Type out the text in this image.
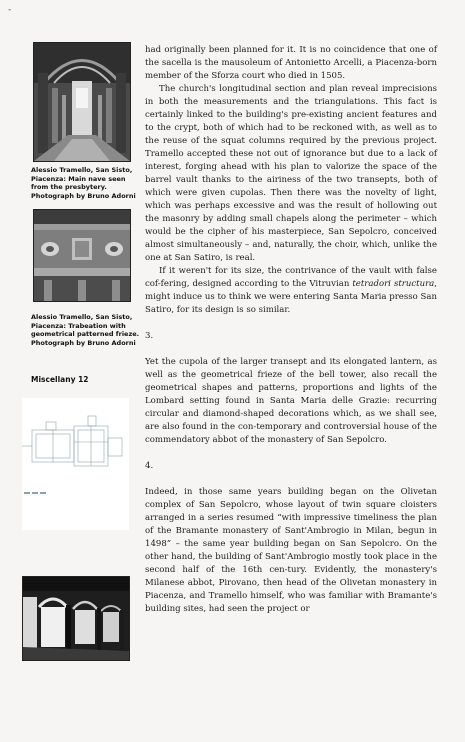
-
Alessio Tramello, San Sisto, Piacenza: Main nave seen from the presbytery.
Photograph by Bruno Adorni
Alessio Tramello, San Sisto, Piacenza: Trabeation with geometrical patterned frieze.
Photograph by Bruno Adorni
Miscellany 12

had originally been planned for it. It is no coincidence that one of the sacella is the mausoleum of Antonietto Arcelli, a Piacenza-born member of the Sforza court who died in 1505.

The church's longitudinal section and plan reveal imprecisions in both the measurements and the triangulations. This fact is certainly linked to the building's pre-existing ancient features and to the crypt, both of which had to be reckoned with, as well as to the reuse of the squat columns required by the previous project. Tramello accepted these not out of ignorance but due to a lack of interest, forging ahead with his plan to valorize the space of the barrel vault thanks to the airiness of the two transepts, both of which were given cupolas. Then there was the novelty of light, which was perhaps excessive and was the result of hollowing out the masonry by adding small chapels along the perimeter – which would be the cipher of his masterpiece, San Sepolcro, conceived almost simultaneously – and, naturally, the choir, which, unlike the one at San Satiro, is real.

If it weren't for its size, the contrivance of the vault with false cof-fering, designed according to the Vitruvian tetradori structura, might induce us to think we were entering Santa Maria presso San Satiro, for its design is so similar.

3.

Yet the cupola of the larger transept and its elongated lantern, as well as the geometrical frieze of the bell tower, also recall the geometrical shapes and patterns, proportions and lights of the Lombard setting found in Santa Maria delle Grazie: recurring circular and diamond-shaped decorations which, as we shall see, are also found in the con-temporary and controversial house of the commendatory abbot of the monastery of San Sepolcro.

4.

Indeed, in those same years building began on the Olivetan complex of San Sepolcro, whose layout of twin square cloisters arranged in a series resumed “with impressive timeliness the plan of the Bramante monastery of Sant'Ambrogio in Milan, begun in 1498” – the same year building began on San Sepolcro. On the other hand, the building of Sant'Ambrogio mostly took place in the second half of the 16th cen-tury. Evidently, the monastery's Milanese abbot, Pirovano, then head of the Olivetan monastery in Piacenza, and Tramello himself, who was familiar with Bramante's building sites, had seen the project or
